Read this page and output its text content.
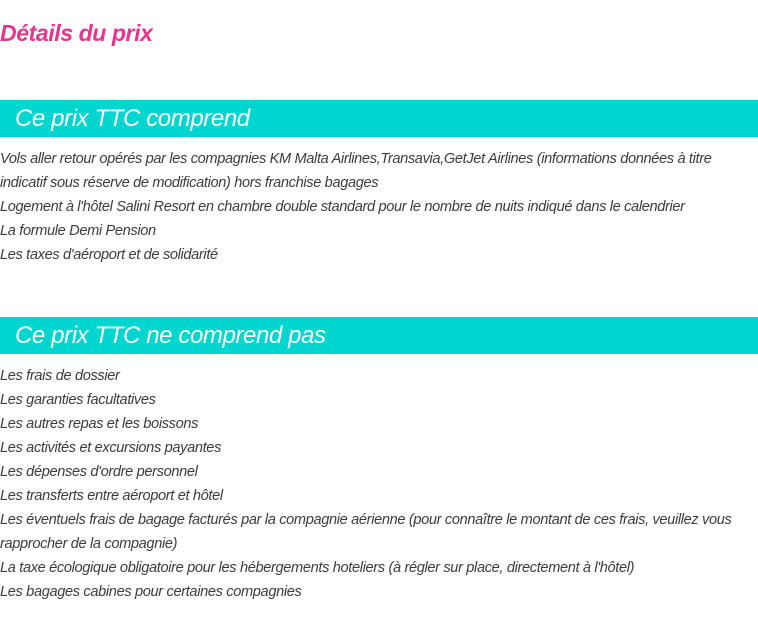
Détails du prix
Ce prix TTC comprend
Vols aller retour opérés par les compagnies KM Malta Airlines,Transavia,GetJet Airlines (informations données à titre indicatif sous réserve de modification) hors franchise bagages
Logement à l'hôtel Salini Resort en chambre double standard pour le nombre de nuits indiqué dans le calendrier
La formule Demi Pension
Les taxes d'aéroport et de solidarité
Ce prix TTC ne comprend pas
Les frais de dossier
Les garanties facultatives
Les autres repas et les boissons
Les activités et excursions payantes
Les dépenses d'ordre personnel
Les transferts entre aéroport et hôtel
Les éventuels frais de bagage facturés par la compagnie aérienne (pour connaître le montant de ces frais, veuillez vous rapprocher de la compagnie)
La taxe écologique obligatoire pour les hébergements hoteliers (à régler sur place, directement à l'hôtel)
Les bagages cabines pour certaines compagnies
